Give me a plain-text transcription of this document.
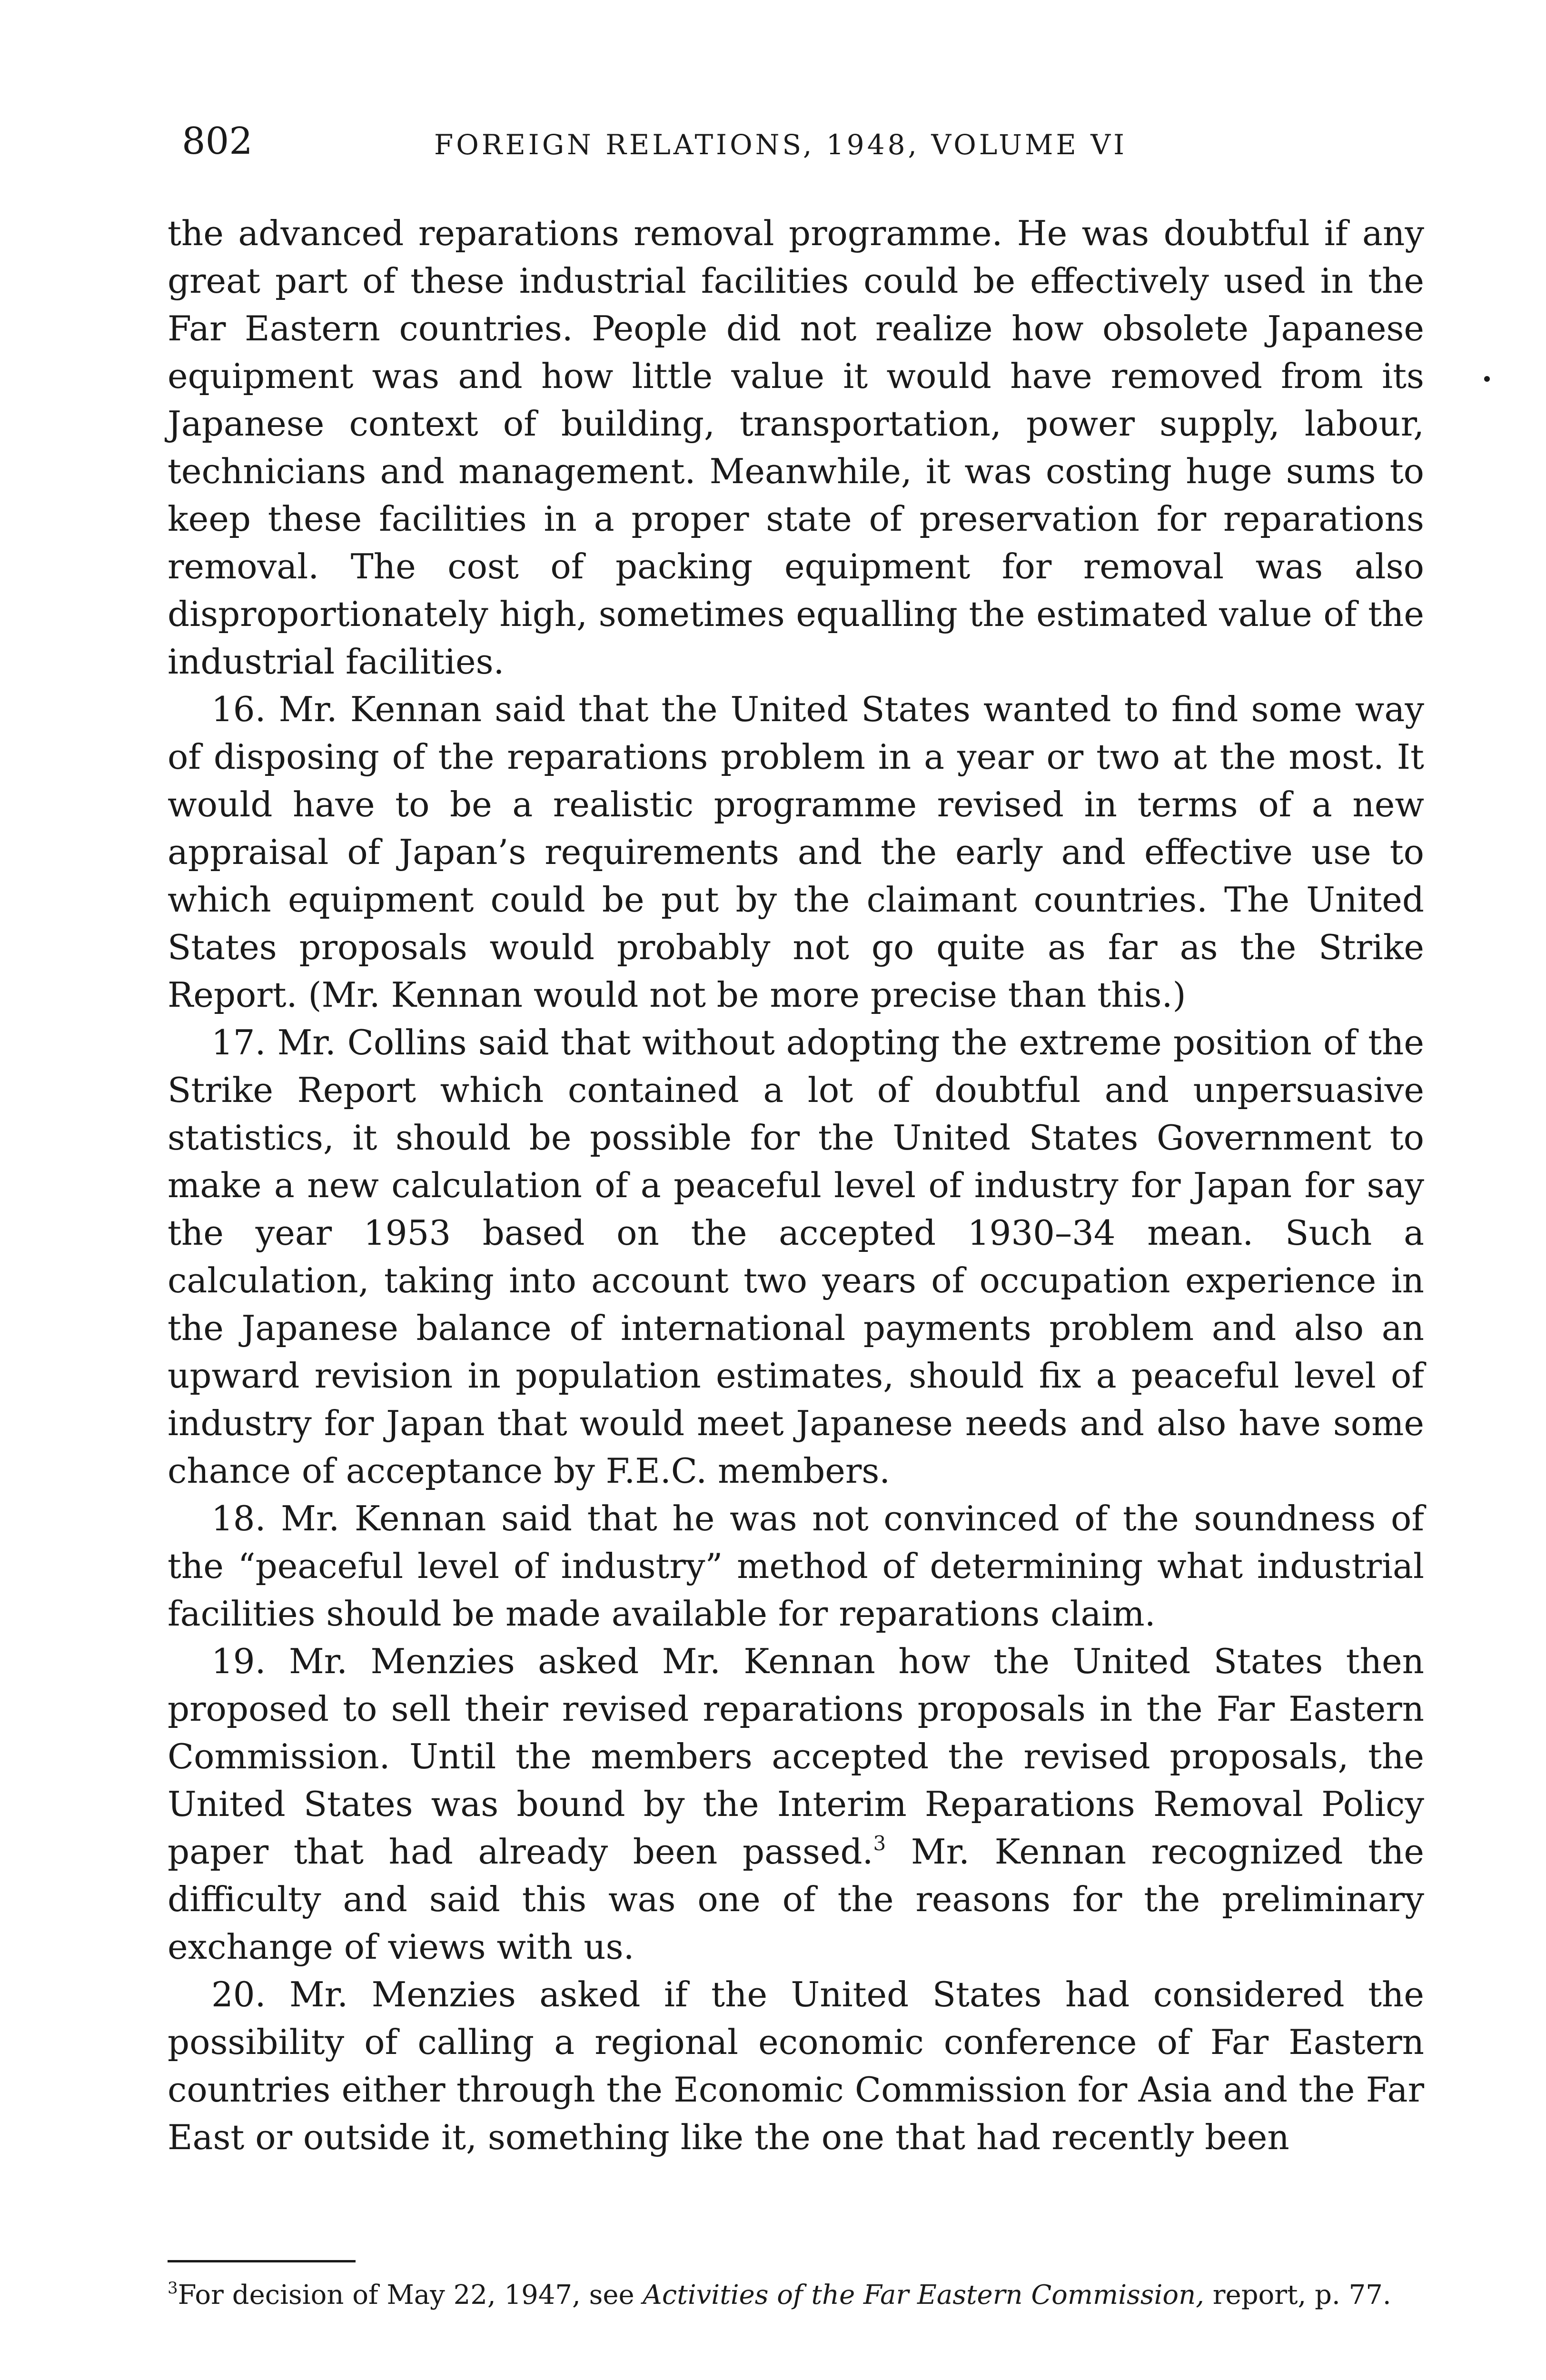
802	FOREIGN RELATIONS, 1948, VOLUME VI

the advanced reparations removal programme. He was doubtful if any great part of these industrial facilities could be effectively used in the Far Eastern countries. People did not realize how obsolete Japanese equipment was and how little value it would have removed from its Japanese context of building, transportation, power supply, labour, technicians and management. Meanwhile, it was costing huge sums to keep these facilities in a proper state of preservation for reparations removal. The cost of packing equipment for removal was also disproportionately high, sometimes equalling the estimated value of the industrial facilities.

16. Mr. Kennan said that the United States wanted to find some way of disposing of the reparations problem in a year or two at the most. It would have to be a realistic programme revised in terms of a new appraisal of Japan’s requirements and the early and effective use to which equipment could be put by the claimant countries. The United States proposals would probably not go quite as far as the Strike Report. (Mr. Kennan would not be more precise than this.)

17. Mr. Collins said that without adopting the extreme position of the Strike Report which contained a lot of doubtful and unpersuasive statistics, it should be possible for the United States Government to make a new calculation of a peaceful level of industry for Japan for say the year 1953 based on the accepted 1930–34 mean. Such a calculation, taking into account two years of occupation experience in the Japanese balance of international payments problem and also an upward revision in population estimates, should fix a peaceful level of industry for Japan that would meet Japanese needs and also have some chance of acceptance by F.E.C. members.

18. Mr. Kennan said that he was not convinced of the soundness of the “peaceful level of industry” method of determining what industrial facilities should be made available for reparations claim.

19. Mr. Menzies asked Mr. Kennan how the United States then proposed to sell their revised reparations proposals in the Far Eastern Commission. Until the members accepted the revised proposals, the United States was bound by the Interim Reparations Removal Policy paper that had already been passed.$^3$ Mr. Kennan recognized the difficulty and said this was one of the reasons for the preliminary exchange of views with us.

20. Mr. Menzies asked if the United States had considered the possibility of calling a regional economic conference of Far Eastern countries either through the Economic Commission for Asia and the Far East or outside it, something like the one that had recently been

$^3$For decision of May 22, 1947, see Activities of the Far Eastern Commission, report, p. 77.
